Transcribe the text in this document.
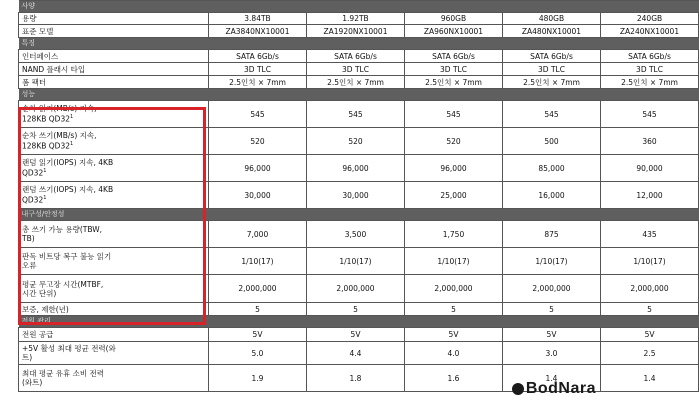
사양					
용량	3.84TB	1.92TB	960GB	480GB	240GB
표준 모델	ZA3840NX10001	ZA1920NX10001	ZA960NX10001	ZA480NX10001	ZA240NX10001
특징					
인터페이스	SATA 6Gb/s	SATA 6Gb/s	SATA 6Gb/s	SATA 6Gb/s	SATA 6Gb/s
NAND 플래시 타입	3D TLC	3D TLC	3D TLC	3D TLC	3D TLC
폼 팩터	2.5인치 × 7mm	2.5인치 × 7mm	2.5인치 × 7mm	2.5인치 × 7mm	2.5인치 × 7mm
성능					
순차 읽기(MB/s) 지속,
128KB $QD32^1$	545	545	545	545	545
순차 쓰기(MB/s) 지속,
128KB $QD32^1$	520	520	520	500	360
랜덤 읽기(IOPS) 지속, 4KB
$QD32^1$	96,000	96,000	96,000	85,000	90,000
랜덤 쓰기(IOPS) 지속, 4KB
$QD32^1$	30,000	30,000	25,000	16,000	12,000
내구성/안정성					
총 쓰기 가능 용량(TBW,
TB)	7,000	3,500	1,750	875	435
판독 비트당 복구 불능 읽기
오류	1/10(17)	1/10(17)	1/10(17)	1/10(17)	1/10(17)
평균 무고장 시간(MTBF,
시간 단위)	2,000,000	2,000,000	2,000,000	2,000,000	2,000,000
보증, 제한(년)	5	5	5	5	5
전원 관리					
전원 공급	5V	5V	5V	5V	5V
+5V 활성 최대 평균 전력(와
트)	5.0	4.4	4.0	3.0	2.5
최대 평균 유휴 소비 전력
(와트)	1.9	1.8	1.6	1.4	1.4
BodNara
